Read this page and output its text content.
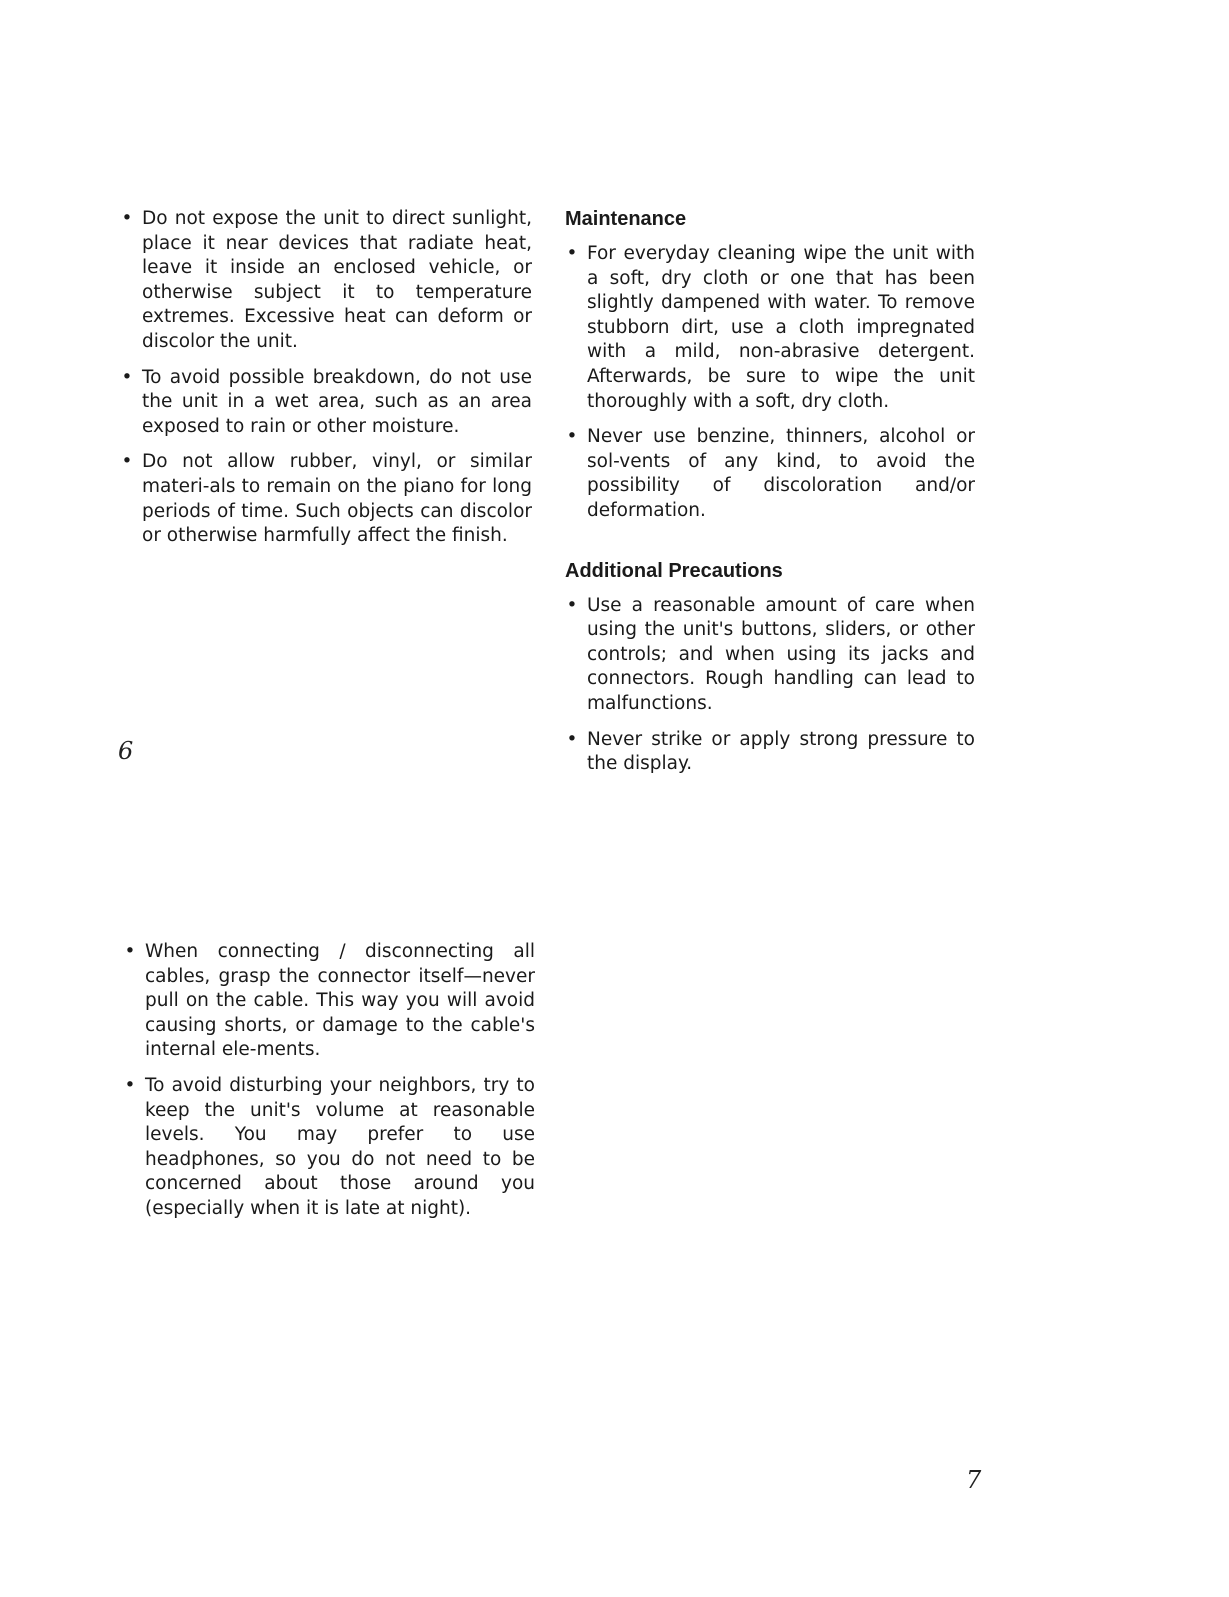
• Do not expose the unit to direct sunlight, place it near devices that radiate heat, leave it inside an enclosed vehicle, or otherwise subject it to temperature extremes. Excessive heat can deform or discolor the unit.
• To avoid possible breakdown, do not use the unit in a wet area, such as an area exposed to rain or other moisture.
• Do not allow rubber, vinyl, or similar materi-als to remain on the piano for long periods of time. Such objects can discolor or otherwise harmfully affect the finish.
Maintenance
• For everyday cleaning wipe the unit with a soft, dry cloth or one that has been slightly dampened with water. To remove stubborn dirt, use a cloth impregnated with a mild, non-abrasive detergent. Afterwards, be sure to wipe the unit thoroughly with a soft, dry cloth.
• Never use benzine, thinners, alcohol or sol-vents of any kind, to avoid the possibility of discoloration and/or deformation.
Additional Precautions
• Use a reasonable amount of care when using the unit's buttons, sliders, or other controls; and when using its jacks and connectors. Rough handling can lead to malfunctions.
• Never strike or apply strong pressure to the display.
6
• When connecting / disconnecting all cables, grasp the connector itself—never pull on the cable. This way you will avoid causing shorts, or damage to the cable's internal ele-ments.
• To avoid disturbing your neighbors, try to keep the unit's volume at reasonable levels. You may prefer to use headphones, so you do not need to be concerned about those around you (especially when it is late at night).
7
